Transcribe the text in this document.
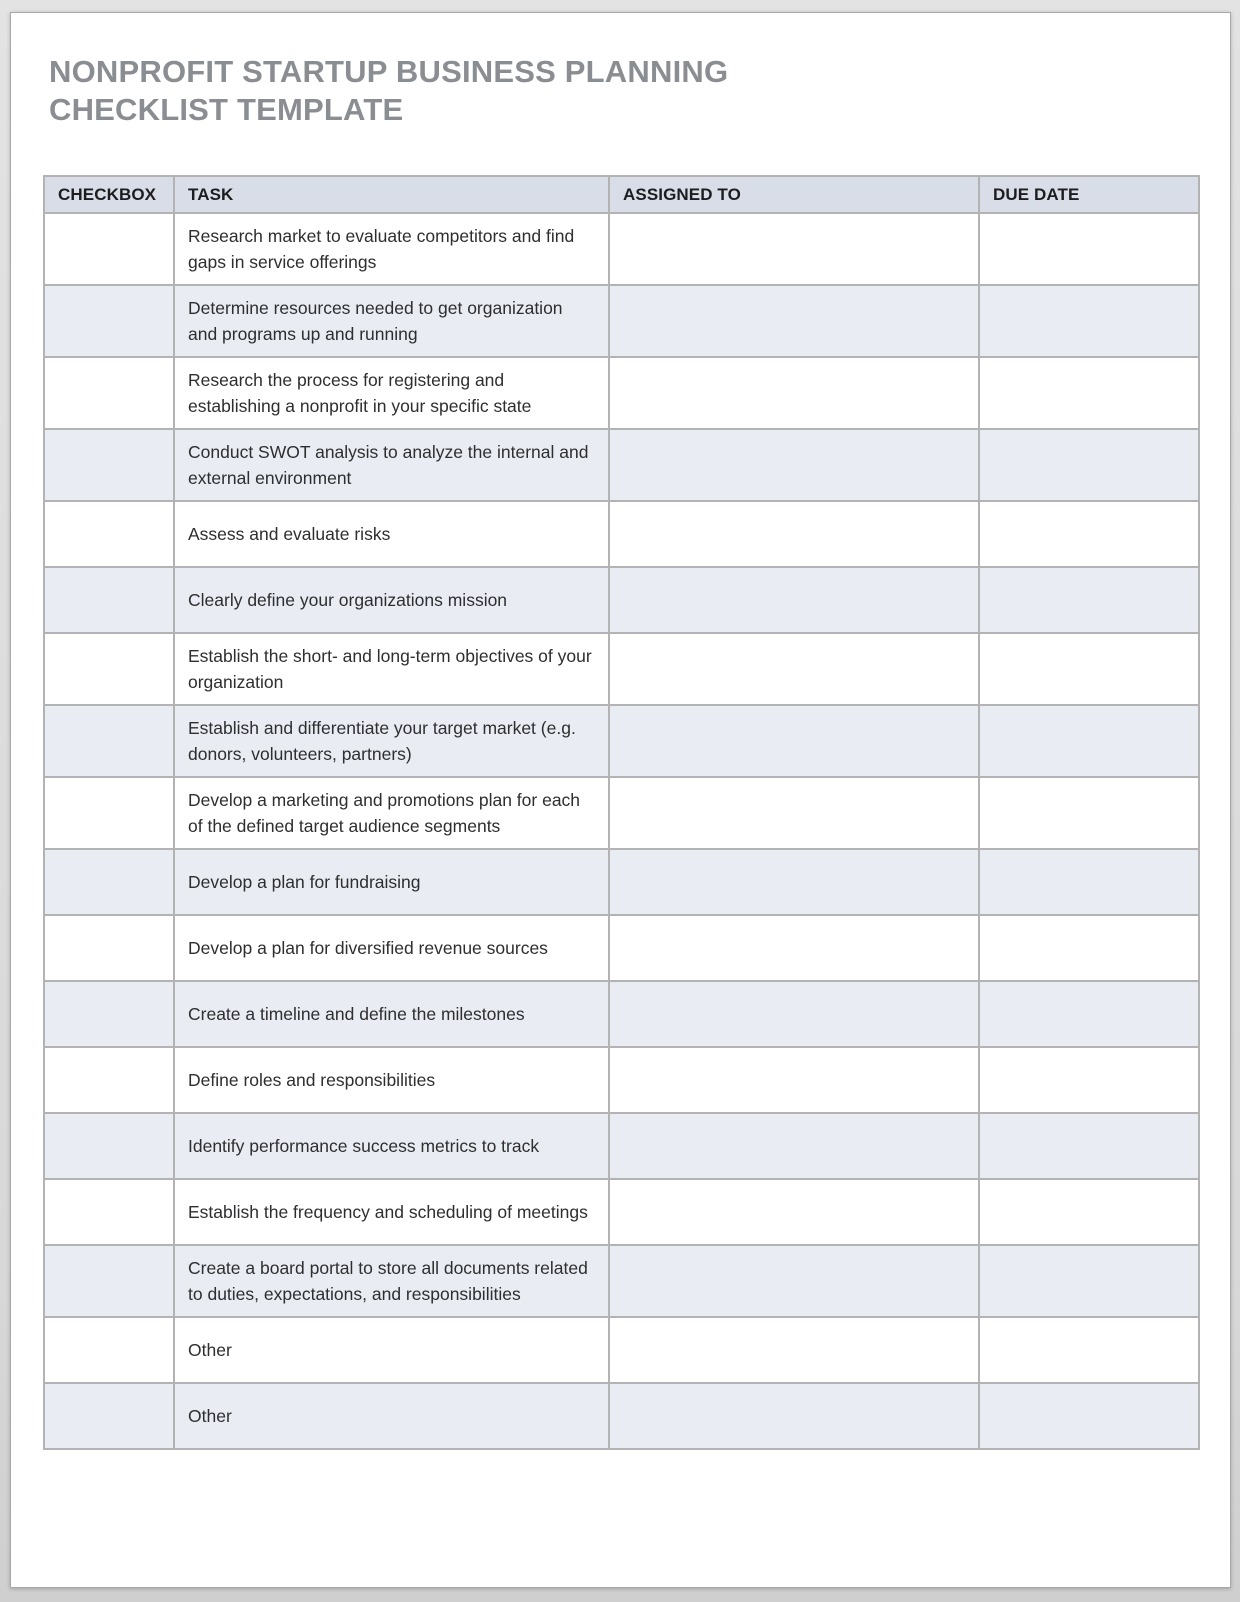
NONPROFIT STARTUP BUSINESS PLANNING
CHECKLIST TEMPLATE
CHECKBOX	TASK	ASSIGNED TO	DUE DATE
	Research market to evaluate competitors and find gaps in service offerings		
	Determine resources needed to get organization and programs up and running		
	Research the process for registering and establishing a nonprofit in your specific state		
	Conduct SWOT analysis to analyze the internal and external environment		
	Assess and evaluate risks		
	Clearly define your organizations mission		
	Establish the short- and long-term objectives of your organization		
	Establish and differentiate your target market (e.g. donors, volunteers, partners)		
	Develop a marketing and promotions plan for each of the defined target audience segments		
	Develop a plan for fundraising		
	Develop a plan for diversified revenue sources		
	Create a timeline and define the milestones		
	Define roles and responsibilities		
	Identify performance success metrics to track		
	Establish the frequency and scheduling of meetings		
	Create a board portal to store all documents related to duties, expectations, and responsibilities		
	Other		
	Other		
